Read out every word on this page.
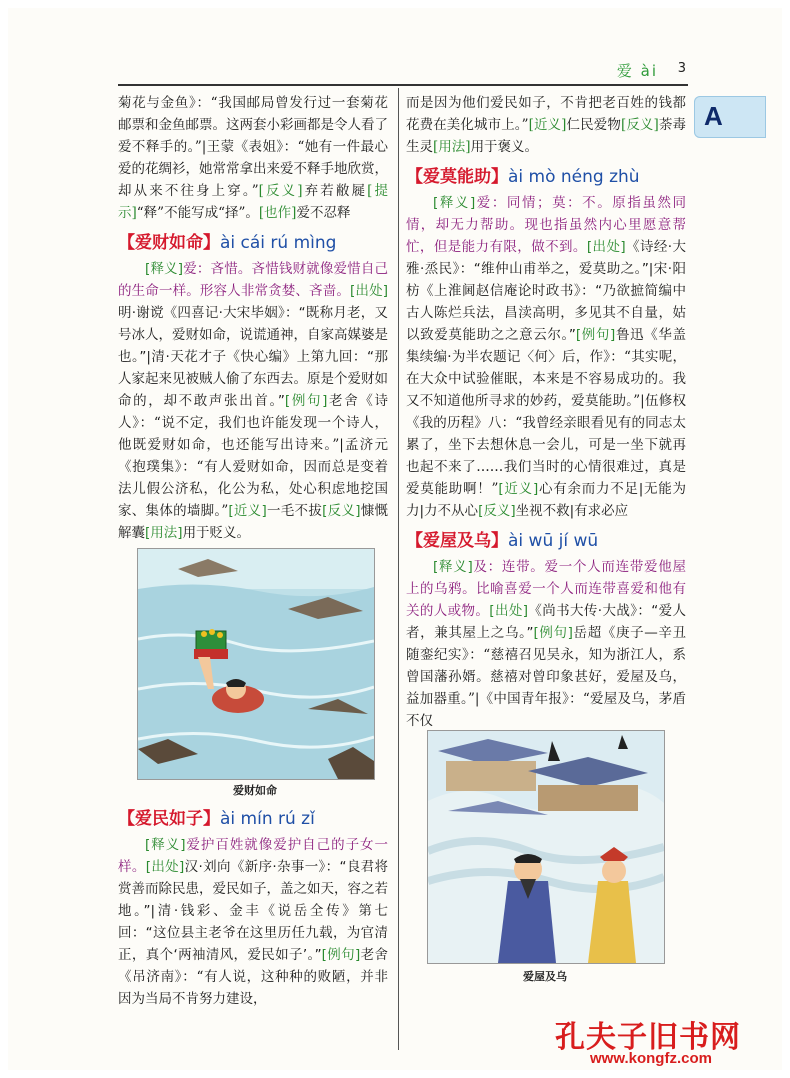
爱 ài 3
A

菊花与金鱼》：“我国邮局曾发行过一套菊花邮票和金鱼邮票。这两套小彩画都是令人看了爱不释手的。”|王蒙《表姐》：“她有一件最心爱的花绸衫，她常常拿出来爱不释手地欣赏，却从来不往身上穿。” [ 反义 ] 弃若敝屣 [ 提示 ] “释”不能写成“择”。 [ 也作 ] 爱不忍释

【爱财如命】ài cái rú mìng

[ 释义 ] 爱：吝惜。吝惜钱财就像爱惜自己的生命一样。形容人非常贪婪、吝啬。 [ 出处 ]明·谢谠《四喜记·大宋毕姻》：“既称月老，又号冰人，爱财如命，说谎通神，自家高媒婆是也。”|清·天花才子《快心编》上第九回：“那人家起来见被贼人偷了东西去。原是个爱财如命的，却不敢声张出首。” [ 例句 ] 老舍《诗人》：“说不定，我们也许能发现一个诗人，他既爱财如命，也还能写出诗来。”|孟济元《抱璞集》：“有人爱财如命，因而总是变着法儿假公济私，化公为私，处心积虑地挖国家、集体的墙脚。” [ 近义 ] 一毛不拔 [ 反义 ] 慷慨解囊 [ 用法 ] 用于贬义。

爱财如命
【爱民如子】ài mín rú zǐ

[ 释义 ] 爱护百姓就像爱护自己的子女一样。 [ 出处 ] 汉·刘向《新序·杂事一》：“良君将赏善而除民患，爱民如子，盖之如天，容之若地。”|清·钱彩、金丰《说岳全传》第七回：“这位县主老爷在这里历任九载，为官清正，真个‘两袖清风，爱民如子’。” [ 例句 ] 老舍《吊济南》：“有人说，这种种的败陋，并非因为当局不肯努力建设，

而是因为他们爱民如子，不肯把老百姓的钱都花费在美化城市上。” [ 近义 ] 仁民爱物 [ 反义 ] 荼毒生灵 [ 用法 ] 用于褒义。

【爱莫能助】ài mò néng zhù

[ 释义 ] 爱：同情；莫：不。原指虽然同情，却无力帮助。现也指虽然内心里愿意帮忙，但是能力有限，做不到。 [ 出处 ] 《诗经·大雅·烝民》：“维仲山甫举之，爱莫助之。”|宋·阳枋《上淮阃赵信庵论时政书》：“乃欲摭简编中古人陈烂兵法，昌渎高明，多见其不自量，姑以致爱莫能助之之意云尔。” [ 例句 ] 鲁迅《华盖集续编·为半农题记〈何〉后，作》：“其实呢，在大众中试验催眠，本来是不容易成功的。我又不知道他所寻求的妙药，爱莫能助。”|伍修权《我的历程》八：“我曾经亲眼看见有的同志太累了，坐下去想休息一会儿，可是一坐下就再也起不来了……我们当时的心情很难过，真是爱莫能助啊！” [ 近义 ] 心有余而力不足|无能为力|力不从心 [ 反义 ] 坐视不救|有求必应

【爱屋及乌】ài wū jí wū

[ 释义 ] 及：连带。爱一个人而连带爱他屋上的乌鸦。比喻喜爱一个人而连带喜爱和他有关的人或物。 [ 出处 ] 《尚书大传·大战》：“爱人者，兼其屋上之乌。” [ 例句 ] 岳超《庚子—辛丑随銮纪实》：“慈禧召见吴永，知为浙江人，系曾国藩孙婿。慈禧对曾印象甚好，爱屋及乌，益加器重。”|《中国青年报》：“爱屋及乌，茅盾不仅

爱屋及乌
孔夫子旧书网
www.kongfz.com
